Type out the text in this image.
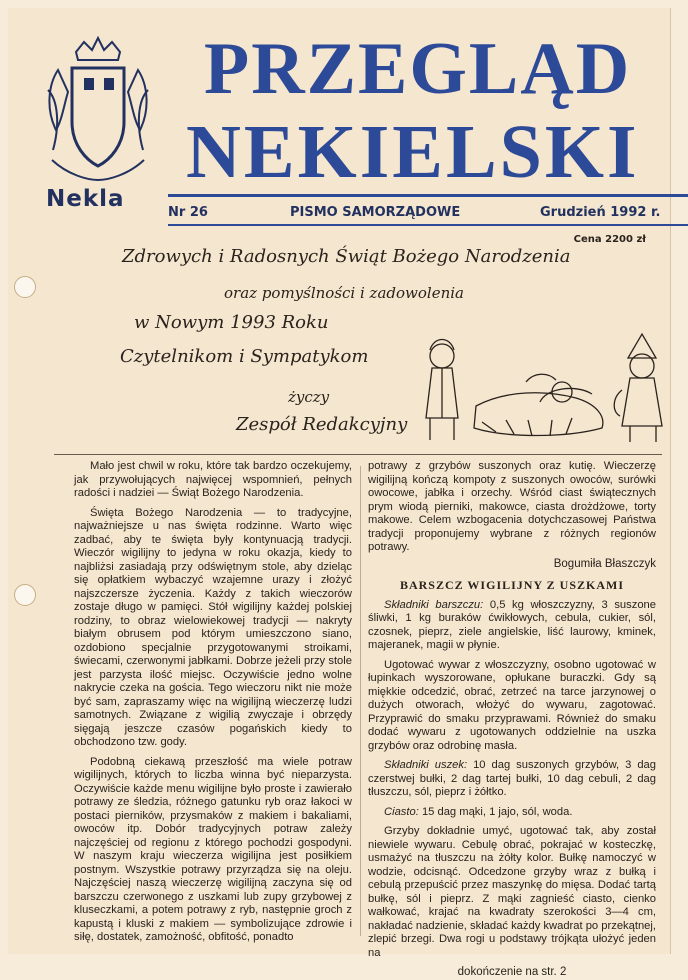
Nekla
PRZEGLĄD
NEKIELSKI
Nr 26	PISMO SAMORZĄDOWE	Grudzień 1992 r.
Cena 2200 zł
Zdrowych i Radosnych Świąt Bożego Narodzenia
oraz pomyślności i zadowolenia
w Nowym 1993 Roku
Czytelnikom i Sympatykom
życzy
Zespół Redakcyjny

Mało jest chwil w roku, które tak bardzo oczekujemy, jak przywołujących najwięcej wspomnień, pełnych radości i nadziei — Świąt Bożego Narodzenia.

Święta Bożego Narodzenia — to tradycyjne, najważniejsze u nas święta rodzinne. Warto więc zadbać, aby te święta były kontynuacją tradycji. Wieczór wigilijny to jedyna w roku okazja, kiedy to najbliżsi zasiadają przy odświętnym stole, aby dzieląc się opłatkiem wybaczyć wzajemne urazy i złożyć najszczersze życzenia. Każdy z takich wieczorów zostaje długo w pamięci. Stół wigilijny każdej polskiej rodziny, to obraz wielowiekowej tradycji — nakryty białym obrusem pod którym umieszczono siano, ozdobiono specjalnie przygotowanymi stroikami, świecami, czerwonymi jabłkami. Dobrze jeżeli przy stole jest parzysta ilość miejsc. Oczywiście jedno wolne nakrycie czeka na gościa. Tego wieczoru nikt nie może być sam, zapraszamy więc na wigilijną wieczerzę ludzi samotnych. Związane z wigilią zwyczaje i obrzędy sięgają jeszcze czasów pogańskich kiedy to obchodzono tzw. gody.

Podobną ciekawą przeszłość ma wiele potraw wigilijnych, których to liczba winna być nieparzysta. Oczywiście każde menu wigilijne było proste i zawierało potrawy ze śledzia, różnego gatunku ryb oraz łakoci w postaci pierników, przysmaków z makiem i bakaliami, owoców itp. Dobór tradycyjnych potraw zależy najczęściej od regionu z którego pochodzi gospodyni. W naszym kraju wieczerza wigilijna jest posiłkiem postnym. Wszystkie potrawy przyrządza się na oleju. Najczęściej naszą wieczerzę wigilijną zaczyna się od barszczu czerwonego z uszkami lub zupy grzybowej z kluseczkami, a potem potrawy z ryb, następnie groch z kapustą i kluski z makiem — symbolizujące zdrowie i siłę, dostatek, zamożność, obfitość, ponadto

potrawy z grzybów suszonych oraz kutię. Wieczerzę wigilijną kończą kompoty z suszonych owoców, surówki owocowe, jabłka i orzechy. Wśród ciast świątecznych prym wiodą pierniki, makowce, ciasta drożdżowe, torty makowe. Celem wzbogacenia dotychczasowej Państwa tradycji proponujemy wybrane z różnych regionów potrawy.

Bogumiła Błaszczyk
BARSZCZ WIGILIJNY Z USZKAMI

Składniki barszczu: 0,5 kg włoszczyzny, 3 suszone śliwki, 1 kg buraków ćwikłowych, cebula, cukier, sól, czosnek, pieprz, ziele angielskie, liść laurowy, kminek, majeranek, magii w płynie.

Ugotować wywar z włoszczyzny, osobno ugotować w łupinkach wyszorowane, opłukane buraczki. Gdy są miękkie odcedzić, obrać, zetrzeć na tarce jarzynowej o dużych otworach, włożyć do wywaru, zagotować. Przyprawić do smaku przyprawami. Również do smaku dodać wywaru z ugotowanych oddzielnie na uszka grzybów oraz odrobinę masła.

Składniki uszek: 10 dag suszonych grzybów, 3 dag czerstwej bułki, 2 dag tartej bułki, 10 dag cebuli, 2 dag tłuszczu, sól, pieprz i żółtko.

Ciasto: 15 dag mąki, 1 jajo, sól, woda.

Grzyby dokładnie umyć, ugotować tak, aby został niewiele wywaru. Cebulę obrać, pokrajać w kosteczkę, usmażyć na tłuszczu na żółty kolor. Bułkę namoczyć w wodzie, odcisnąć. Odcedzone grzyby wraz z bułką i cebulą przepuścić przez maszynkę do mięsa. Dodać tartą bułkę, sól i pieprz. Z mąki zagnieść ciasto, cienko wałkować, krajać na kwadraty szerokości 3—4 cm, nakładać nadzienie, składać każdy kwadrat po przekątnej, zlepić brzegi. Dwa rogi u podstawy trójkąta ułożyć jeden na

dokończenie na str. 2
